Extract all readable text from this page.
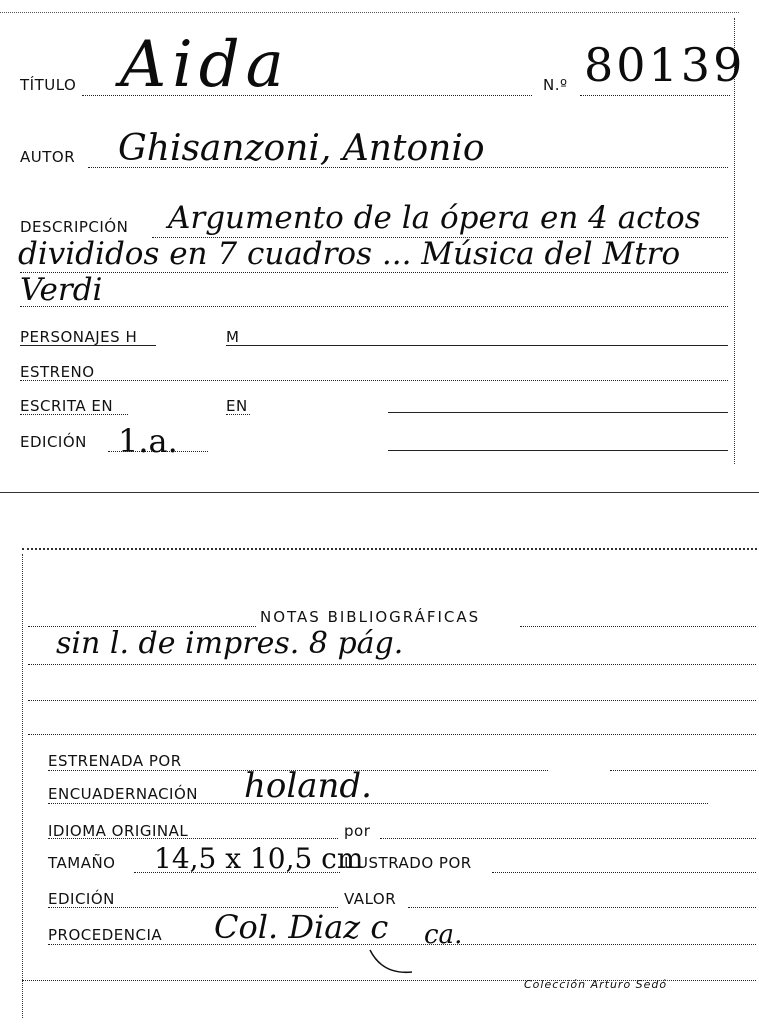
TÍTULO Aida	N.º 80139
AUTOR Ghisanzoni, Antonio
DESCRIPCIÓN Argumento de la ópera en 4 actos
divididos en 7 cuadros ... Música del Mtro
Verdi
PERSONAJES H	M
ESTRENO
ESCRITA EN	EN
EDICIÓN 1.a.
NOTAS BIBLIOGRÁFICAS
sin l. de impres. 8 pág.
ESTRENADA POR
ENCUADERNACIÓN holand.
IDIOMA ORIGINAL	por
TAMAÑO 14,5 x 10,5 cm
ILUSTRADO POR
EDICIÓN	VALOR
PROCEDENCIA Col. Diaz c ca.
Colección Arturo Sedó
